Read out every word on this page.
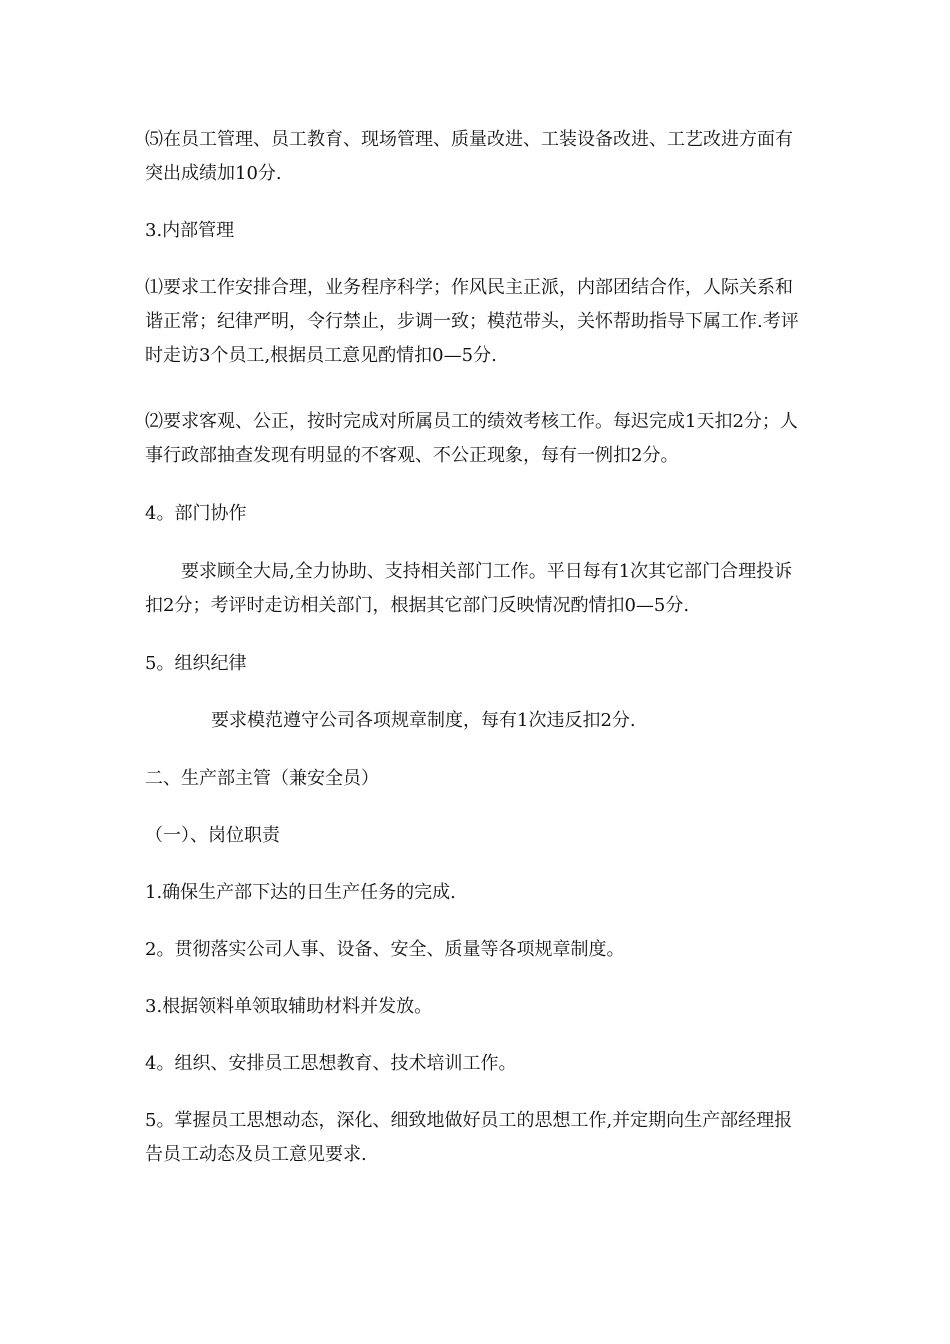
⑸在员工管理、员工教育、现场管理、质量改进、工装设备改进、工艺改进方面有突出成绩加10分.

3.内部管理

⑴要求工作安排合理，业务程序科学；作风民主正派，内部团结合作，人际关系和谐正常；纪律严明，令行禁止，步调一致；模范带头，关怀帮助指导下属工作.考评时走访3个员工,根据员工意见酌情扣0—5分.

⑵要求客观、公正，按时完成对所属员工的绩效考核工作。每迟完成1天扣2分；人事行政部抽查发现有明显的不客观、不公正现象，每有一例扣2分。

4。部门协作

要求顾全大局,全力协助、支持相关部门工作。平日每有1次其它部门合理投诉扣2分；考评时走访相关部门，根据其它部门反映情况酌情扣0—5分.

5。组织纪律

要求模范遵守公司各项规章制度，每有1次违反扣2分.

二、生产部主管（兼安全员）

（一）、岗位职责

1.确保生产部下达的日生产任务的完成.

2。贯彻落实公司人事、设备、安全、质量等各项规章制度。

3.根据领料单领取辅助材料并发放。

4。组织、安排员工思想教育、技术培训工作。

5。掌握员工思想动态，深化、细致地做好员工的思想工作,并定期向生产部经理报告员工动态及员工意见要求.
